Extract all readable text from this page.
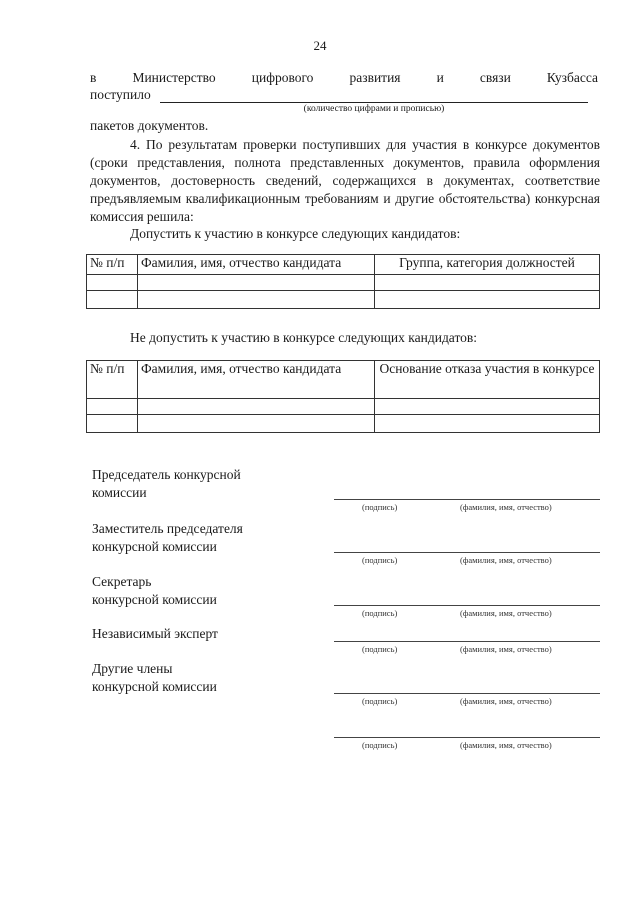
24
в	Министерство	цифрового	развития	и	связи	Кузбасса
поступило
(количество цифрами и прописью)
пакетов документов.

4. По результатам проверки поступивших для участия в конкурсе документов (сроки представления, полнота представленных документов, правила оформления документов, достоверность сведений, содержащихся в документах, соответствие предъявляемым квалификационным требованиям и другие обстоятельства) конкурсная комиссия решила:

Допустить к участию в конкурсе следующих кандидатов:

№ п/п	Фамилия, имя, отчество кандидата	Группа, категория должностей

Не допустить к участию в конкурсе следующих кандидатов:

№ п/п	Фамилия, имя, отчество кандидата	Основание отказа участия в конкурсе

Председатель конкурсной
комиссии
(подпись)	(фамилия, имя, отчество)
Заместитель председателя
конкурсной комиссии
(подпись)	(фамилия, имя, отчество)
Секретарь
конкурсной комиссии
(подпись)	(фамилия, имя, отчество)
Независимый эксперт
(подпись)	(фамилия, имя, отчество)
Другие члены
конкурсной комиссии
(подпись)	(фамилия, имя, отчество)
(подпись)	(фамилия, имя, отчество)
